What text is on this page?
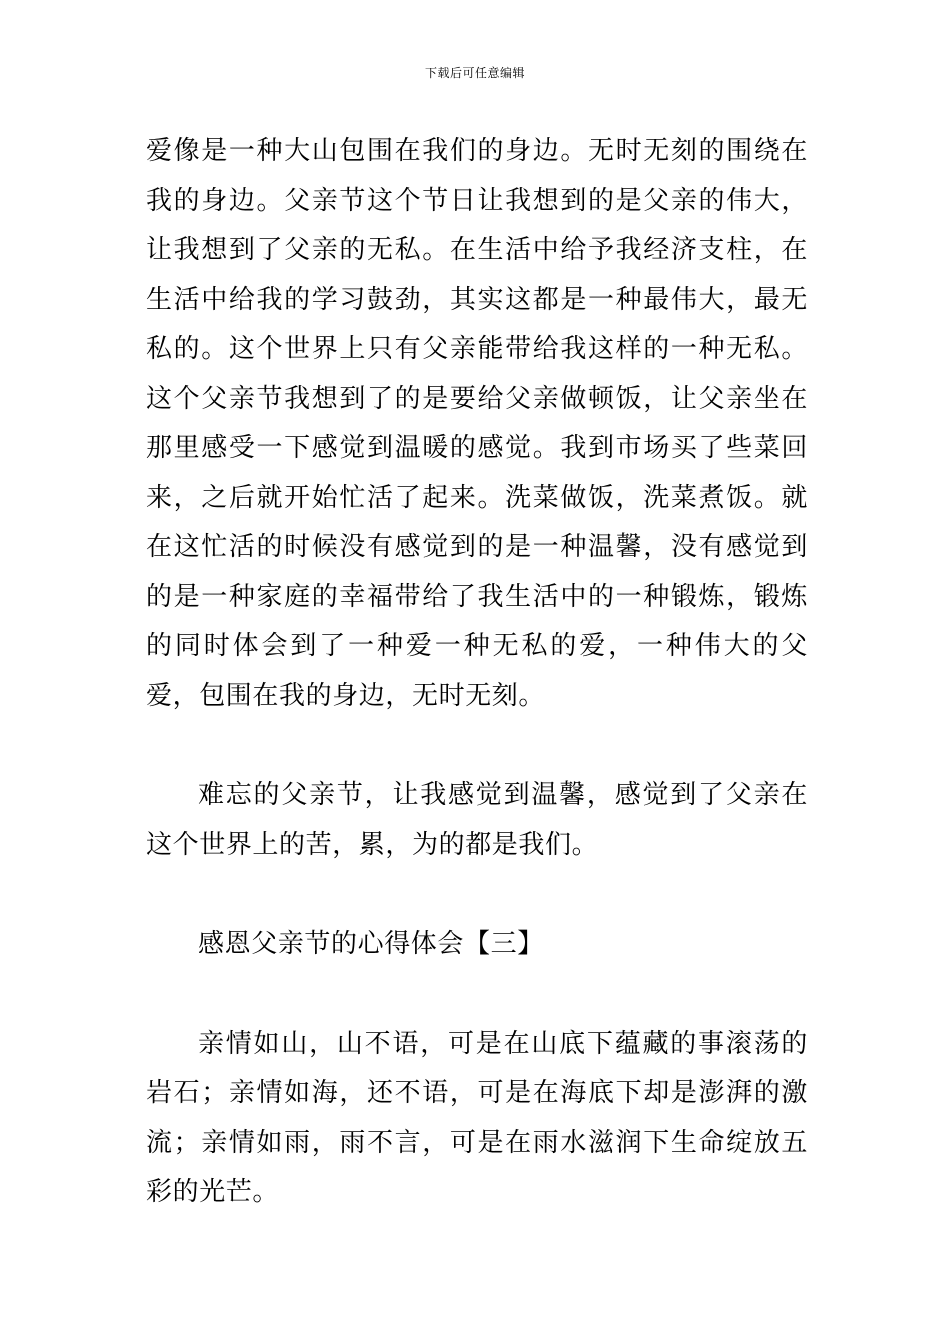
下载后可任意编辑

爱像是一种大山包围在我们的身边。无时无刻的围绕在我的身边。父亲节这个节日让我想到的是父亲的伟大，让我想到了父亲的无私。在生活中给予我经济支柱，在生活中给我的学习鼓劲，其实这都是一种最伟大，最无私的。这个世界上只有父亲能带给我这样的一种无私。这个父亲节我想到了的是要给父亲做顿饭，让父亲坐在那里感受一下感觉到温暖的感觉。我到市场买了些菜回来，之后就开始忙活了起来。洗菜做饭，洗菜煮饭。就在这忙活的时候没有感觉到的是一种温馨，没有感觉到的是一种家庭的幸福带给了我生活中的一种锻炼，锻炼的同时体会到了一种爱一种无私的爱，一种伟大的父爱，包围在我的身边，无时无刻。

难忘的父亲节，让我感觉到温馨，感觉到了父亲在这个世界上的苦，累，为的都是我们。

感恩父亲节的心得体会【三】

亲情如山，山不语，可是在山底下蕴藏的事滚荡的岩石；亲情如海，还不语，可是在海底下却是澎湃的激流；亲情如雨，雨不言，可是在雨水滋润下生命绽放五彩的光芒。
